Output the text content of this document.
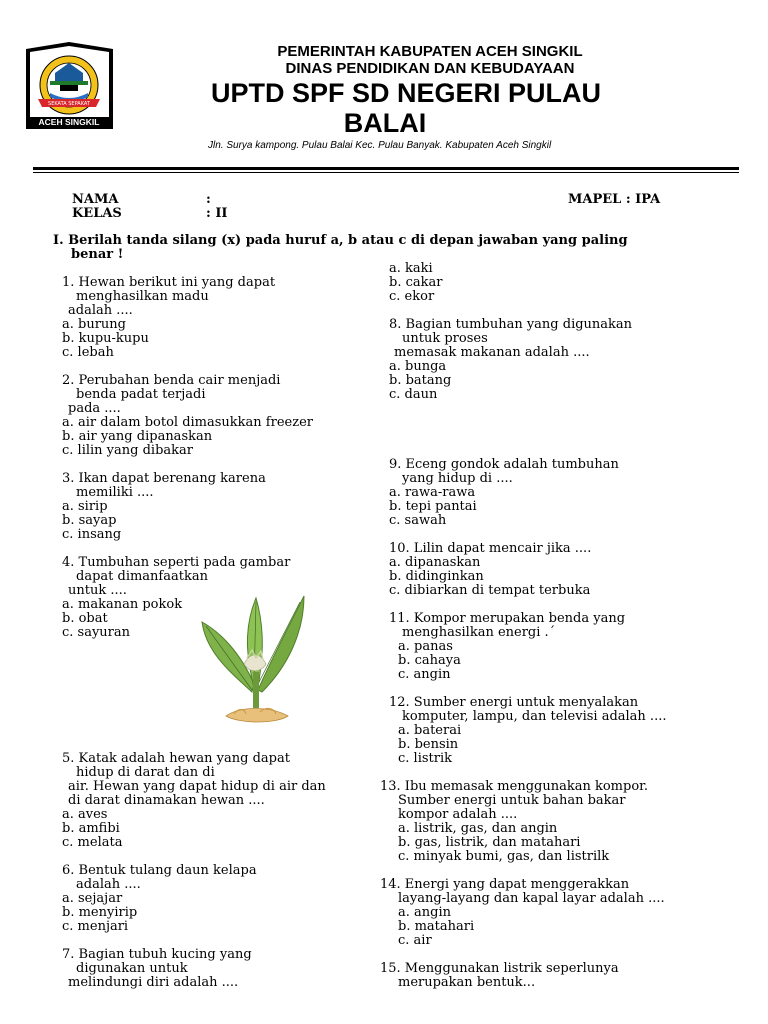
SEKATA SEPAKAT
ACEH SINGKIL
PEMERINTAH KABUPATEN ACEH SINGKIL
DINAS PENDIDIKAN DAN KEBUDAYAAN
UPTD SPF SD NEGERI PULAU
BALAI
Jln. Surya kampong. Pulau Balai Kec. Pulau Banyak. Kabupaten Aceh Singkil
NAMA	:
KELAS	: II
MAPEL : IPA
I. Berilah tanda silang (x) pada huruf a, b atau c di depan jawaban yang paling
benar !
1. Hewan berikut ini yang dapat
menghasilkan madu
adalah ....
a. burung
b. kupu-kupu
c. lebah
2. Perubahan benda cair menjadi
benda padat terjadi
pada ....
a. air dalam botol dimasukkan freezer
b. air yang dipanaskan
c. lilin yang dibakar
3. Ikan dapat berenang karena
memiliki ....
a. sirip
b. sayap
c. insang
4. Tumbuhan seperti pada gambar
dapat dimanfaatkan
untuk ....
a. makanan pokok
b. obat
c. sayuran
5. Katak adalah hewan yang dapat
hidup di darat dan di
air. Hewan yang dapat hidup di air dan
di darat dinamakan hewan ....
a. aves
b. amfibi
c. melata
6. Bentuk tulang daun kelapa
adalah ....
a. sejajar
b. menyirip
c. menjari
7. Bagian tubuh kucing yang
digunakan untuk
melindungi diri adalah ....
a. kaki
b. cakar
c. ekor
8. Bagian tumbuhan yang digunakan
untuk proses
memasak makanan adalah ....
a. bunga
b. batang
c. daun
9. Eceng gondok adalah tumbuhan
yang hidup di ....
a. rawa-rawa
b. tepi pantai
c. sawah
10. Lilin dapat mencair jika ....
a. dipanaskan
b. didinginkan
c. dibiarkan di tempat terbuka
11. Kompor merupakan benda yang
menghasilkan energi .´
a. panas
b. cahaya
c. angin
12. Sumber energi untuk menyalakan
komputer, lampu, dan televisi adalah ....
a. baterai
b. bensin
c. listrik
13. Ibu memasak menggunakan kompor.
Sumber energi untuk bahan bakar
kompor adalah ....
a. listrik, gas, dan angin
b. gas, listrik, dan matahari
c. minyak bumi, gas, dan listrilk
14. Energi yang dapat menggerakkan
layang-layang dan kapal layar adalah ....
a. angin
b. matahari
c. air
15. Menggunakan listrik seperlunya
merupakan bentuk...
